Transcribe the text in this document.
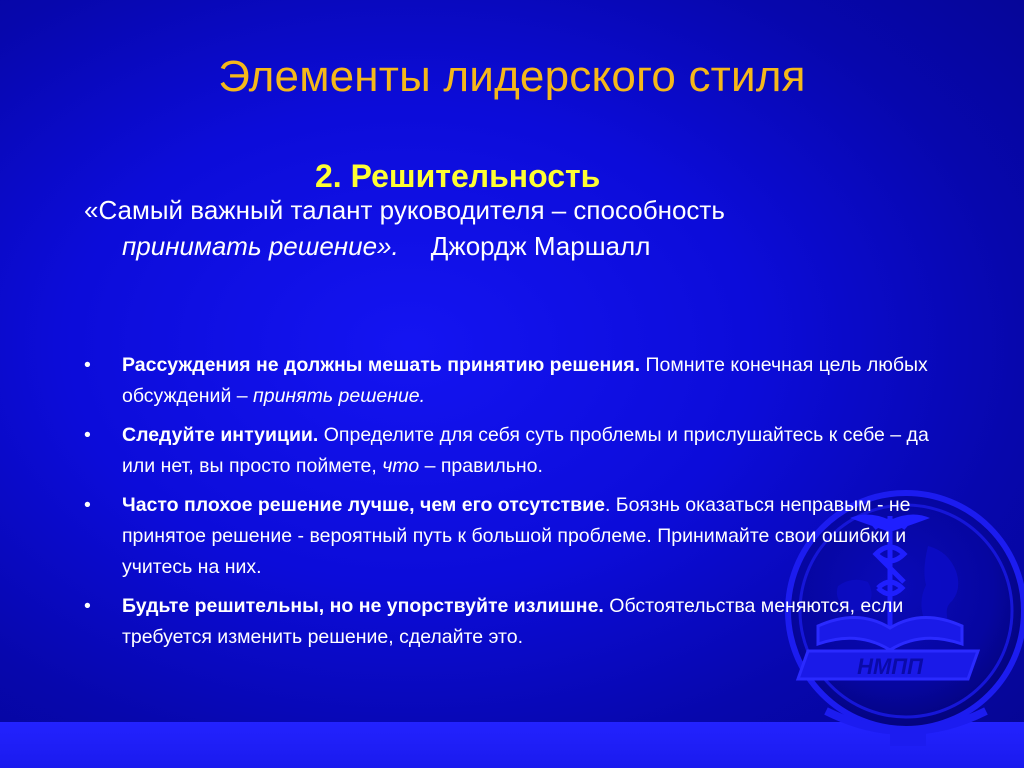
Элементы лидерского стиля
2. Решительность
«Самый важный талант руководителя – способность
принимать решение». Джордж Маршалл
• Рассуждения не должны мешать принятию решения. Помните конечная цель любых обсуждений – принять решение.
• Следуйте интуиции. Определите для себя суть проблемы и прислушайтесь к себе – да или нет, вы просто поймете, что – правильно.
• Часто плохое решение лучше, чем его отсутствие. Боязнь оказаться неправым - не принятое решение - вероятный путь к большой проблеме. Принимайте свои ошибки и учитесь на них.
• Будьте решительны, но не упорствуйте излишне. Обстоятельства меняются, если требуется изменить решение, сделайте это.
НМПП
